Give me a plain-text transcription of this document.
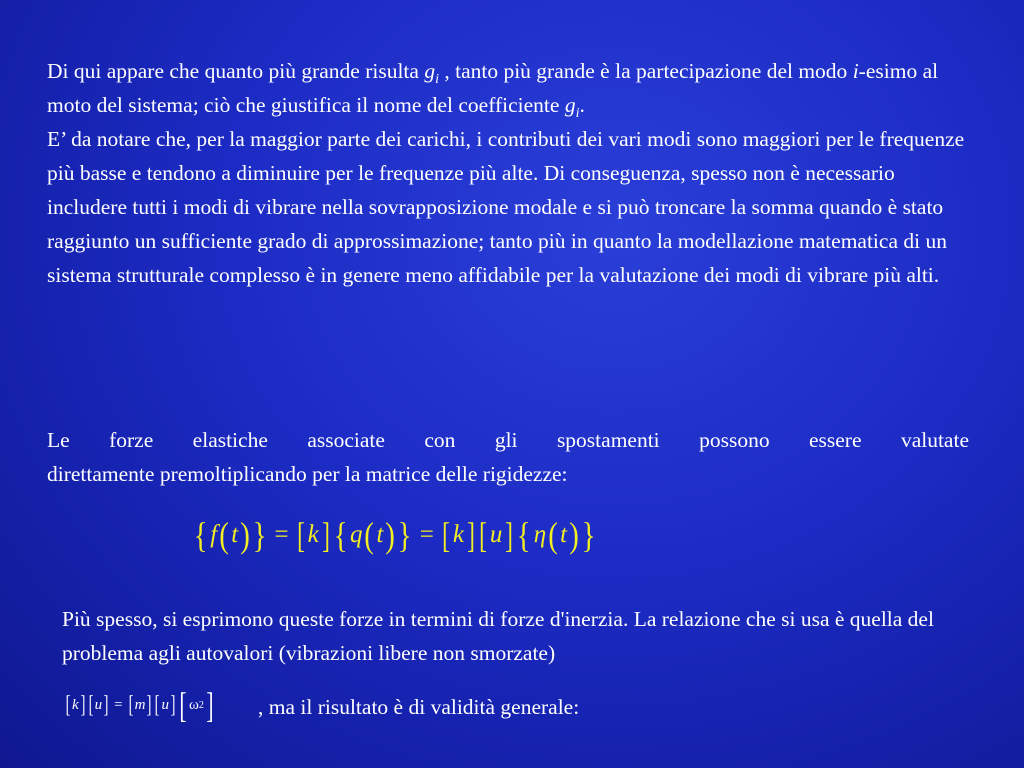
Di qui appare che quanto più grande risulta $g_i$ , tanto più grande è la partecipazione del modo i-esimo al moto del sistema; ciò che giustifica il nome del coefficiente $g_i$.
E’ da notare che, per la maggior parte dei carichi, i contributi dei vari modi sono maggiori per le frequenze più basse e tendono a diminuire per le frequenze più alte. Di conseguenza, spesso non è necessario includere tutti i modi di vibrare nella sovrapposizione modale e si può troncare la somma quando è stato raggiunto un sufficiente grado di approssimazione; tanto più in quanto la modellazione matematica di un sistema strutturale complesso è in genere meno affidabile per la valutazione dei modi di vibrare più alti.

Le forze elastiche associate con gli spostamenti possono essere valutate
direttamente premoltiplicando per la matrice delle rigidezze:

{ f ( t ) } = [ k ] { q ( t ) } = [ k ] [ u ] { η ( t ) }

Più spesso, si esprimono queste forze in termini di forze d'inerzia. La relazione che si usa è quella del problema agli autovalori (vibrazioni libere non smorzate)

[ k ] [ u ] = [ m ] [ u ] [ ω 2 ] , ma il risultato è di validità generale:
